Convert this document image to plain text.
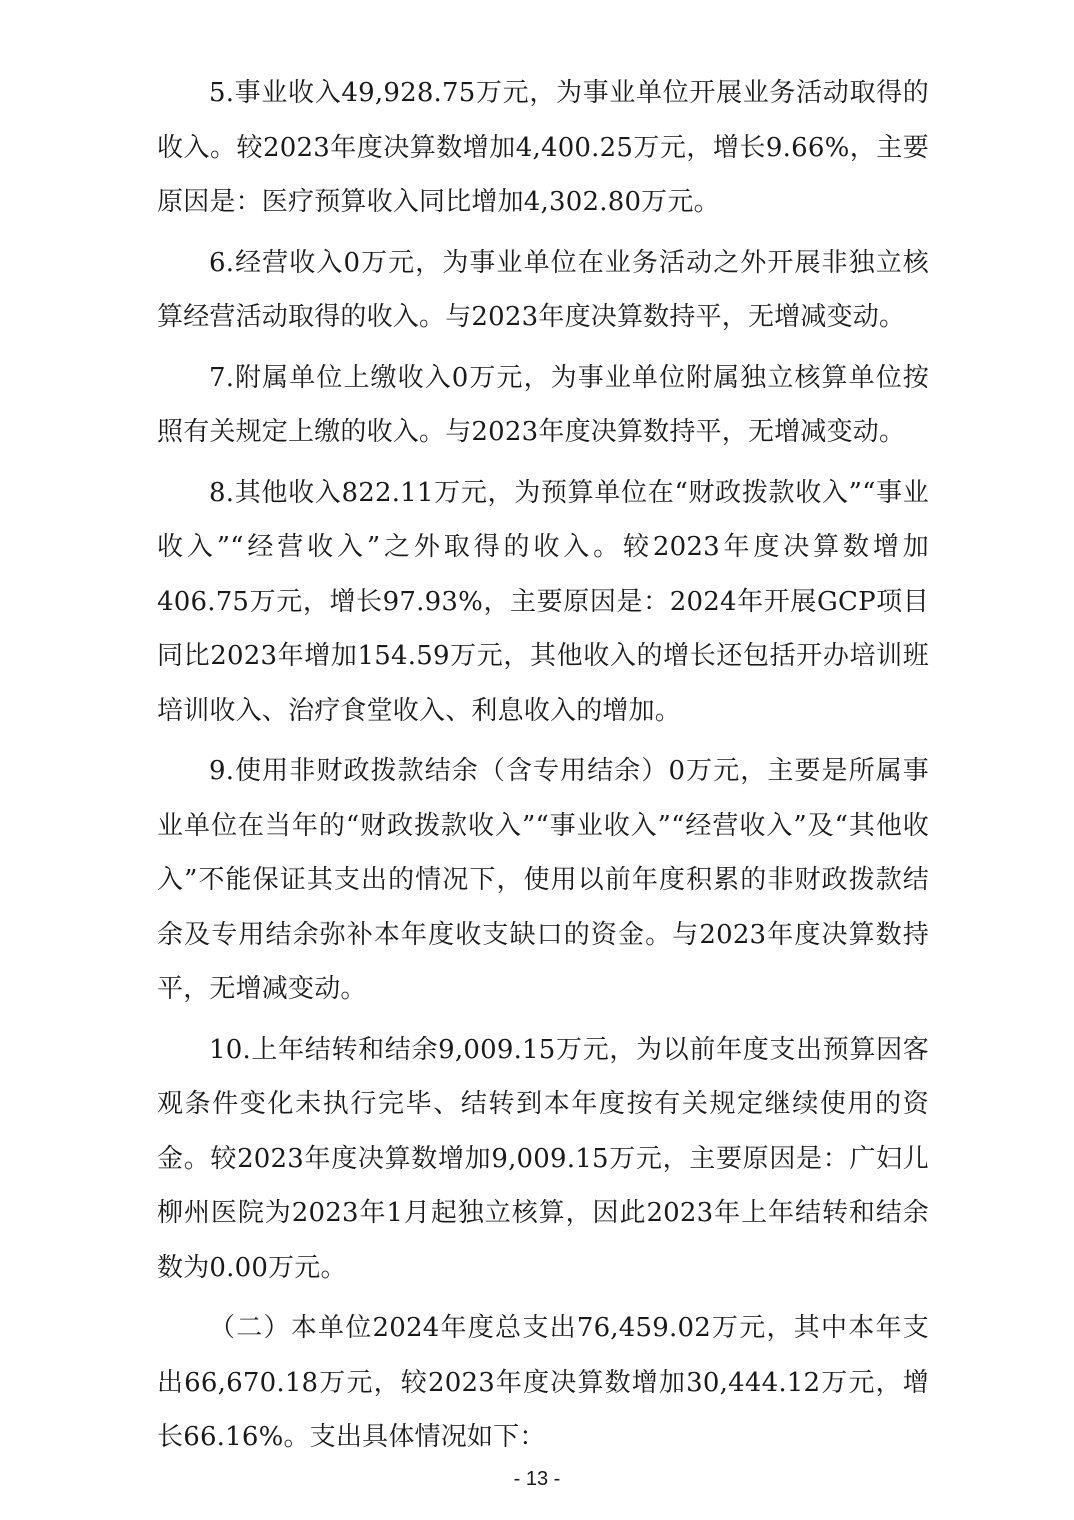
5.事业收入49,928.75万元，为事业单位开展业务活动取得的收入。较2023年度决算数增加4,400.25万元，增长9.66%，主要原因是：医疗预算收入同比增加4,302.80万元。

6.经营收入0万元，为事业单位在业务活动之外开展非独立核算经营活动取得的收入。与2023年度决算数持平，无增减变动。

7.附属单位上缴收入0万元，为事业单位附属独立核算单位按照有关规定上缴的收入。与2023年度决算数持平，无增减变动。

8.其他收入822.11万元，为预算单位在“财政拨款收入”“事业收入”“经营收入”之外取得的收入。较2023年度决算数增加406.75万元，增长97.93%，主要原因是：2024年开展GCP项目同比2023年增加154.59万元，其他收入的增长还包括开办培训班培训收入、治疗食堂收入、利息收入的增加。

9.使用非财政拨款结余（含专用结余）0万元，主要是所属事业单位在当年的“财政拨款收入”“事业收入”“经营收入”及“其他收入”不能保证其支出的情况下，使用以前年度积累的非财政拨款结余及专用结余弥补本年度收支缺口的资金。与2023年度决算数持平，无增减变动。

10.上年结转和结余9,009.15万元，为以前年度支出预算因客观条件变化未执行完毕、结转到本年度按有关规定继续使用的资金。较2023年度决算数增加9,009.15万元，主要原因是：广妇儿柳州医院为2023年1月起独立核算，因此2023年上年结转和结余数为0.00万元。

（二）本单位2024年度总支出76,459.02万元，其中本年支出66,670.18万元，较2023年度决算数增加30,444.12万元，增长66.16%。支出具体情况如下：

- 13 -
